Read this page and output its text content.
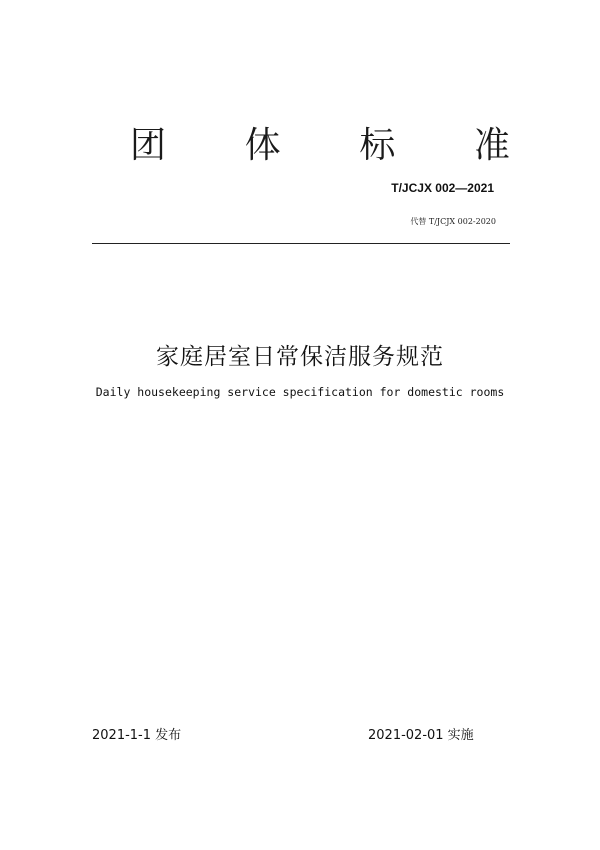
团 体 标 准
T/JCJX 002—2021
代替 T/JCJX 002-2020
家庭居室日常保洁服务规范
Daily housekeeping service specification for domestic rooms
2021-1-1 发布	2021-02-01 实施
